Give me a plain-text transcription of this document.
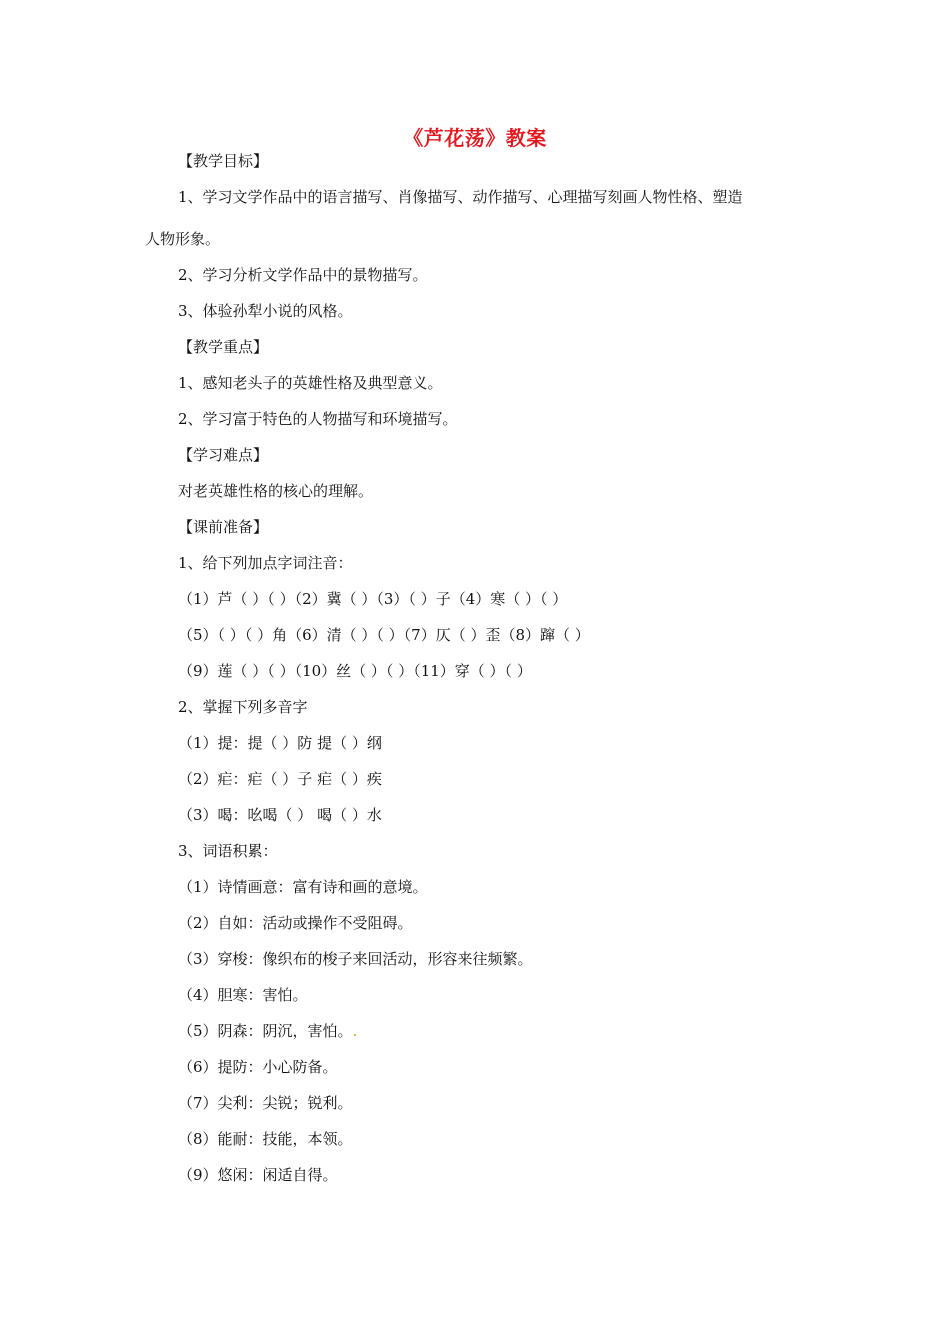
《芦花荡》教案
【教学目标】
1、学习文学作品中的语言描写、肖像描写、动作描写、心理描写刻画人物性格、塑造
人物形象。
2、学习分析文学作品中的景物描写。
3、体验孙犁小说的风格。
【教学重点】
1、感知老头子的英雄性格及典型意义。
2、学习富于特色的人物描写和环境描写。
【学习难点】
对老英雄性格的核心的理解。
【课前准备】
1、给下列加点字词注音：
（1）芦（ ）（ ）（2）冀（ ）（3）（ ）子（4）寒（ ）（ ）
（5）（ ）（ ）角（6）清（ ）（ ）（7）仄（ ）歪（8）蹿（ ）
（9）莲（ ）（ ）（10）丝（ ）（ ）（11）穿（ ）（ ）
2、掌握下列多音字
（1）提：提（ ）防 提（ ）纲
（2）疟：疟（ ）子 疟（ ）疾
（3）喝：吆喝（ ） 喝（ ）水
3、词语积累：
（1）诗情画意：富有诗和画的意境。
（2）自如：活动或操作不受阻碍。
（3）穿梭：像织布的梭子来回活动，形容来往频繁。
（4）胆寒：害怕。
（5）阴森：阴沉，害怕。
（6）提防：小心防备。
（7）尖利：尖锐；锐利。
（8）能耐：技能，本领。
（9）悠闲：闲适自得。
